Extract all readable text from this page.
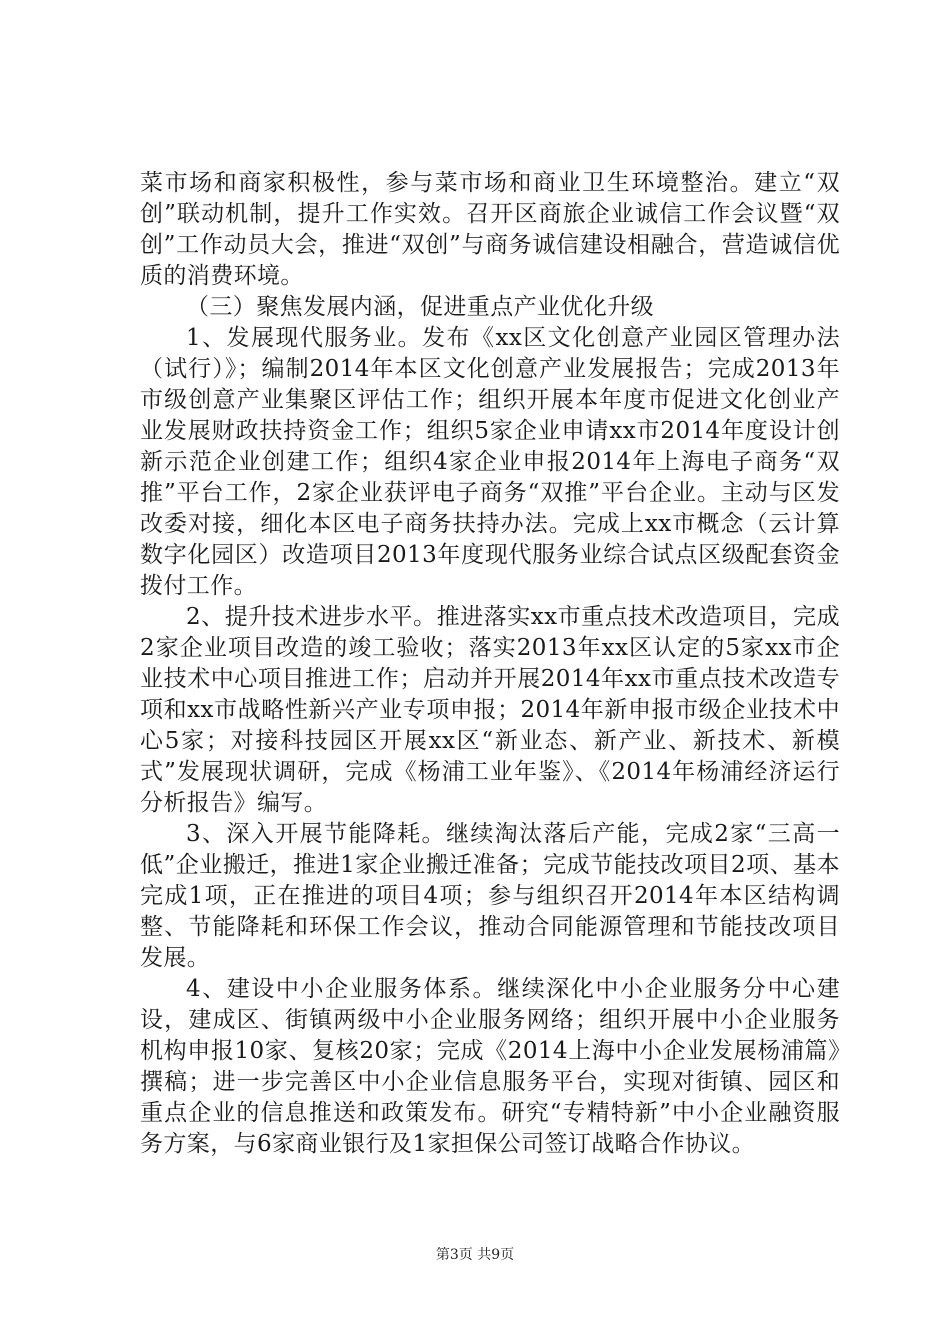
菜市场和商家积极性，参与菜市场和商业卫生环境整治。建立“双创”联动机制，提升工作实效。召开区商旅企业诚信工作会议暨“双创”工作动员大会，推进“双创”与商务诚信建设相融合，营造诚信优质的消费环境。

（三）聚焦发展内涵，促进重点产业优化升级

1、发展现代服务业。发布《xx区文化创意产业园区管理办法（试行）》；编制2014年本区文化创意产业发展报告；完成2013年市级创意产业集聚区评估工作；组织开展本年度市促进文化创业产业发展财政扶持资金工作；组织5家企业申请xx市2014年度设计创新示范企业创建工作；组织4家企业申报2014年上海电子商务“双推”平台工作，2家企业获评电子商务“双推”平台企业。主动与区发改委对接，细化本区电子商务扶持办法。完成上xx市概念（云计算数字化园区）改造项目2013年度现代服务业综合试点区级配套资金拨付工作。

2、提升技术进步水平。推进落实xx市重点技术改造项目，完成2家企业项目改造的竣工验收；落实2013年xx区认定的5家xx市企业技术中心项目推进工作；启动并开展2014年xx市重点技术改造专项和xx市战略性新兴产业专项申报；2014年新申报市级企业技术中心5家；对接科技园区开展xx区“新业态、新产业、新技术、新模式”发展现状调研，完成《杨浦工业年鉴》、《2014年杨浦经济运行分析报告》编写。

3、深入开展节能降耗。继续淘汰落后产能，完成2家“三高一低”企业搬迁，推进1家企业搬迁准备；完成节能技改项目2项、基本完成1项，正在推进的项目4项；参与组织召开2014年本区结构调整、节能降耗和环保工作会议，推动合同能源管理和节能技改项目发展。

4、建设中小企业服务体系。继续深化中小企业服务分中心建设，建成区、街镇两级中小企业服务网络；组织开展中小企业服务机构申报10家、复核20家；完成《2014上海中小企业发展杨浦篇》撰稿；进一步完善区中小企业信息服务平台，实现对街镇、园区和重点企业的信息推送和政策发布。研究“专精特新”中小企业融资服务方案，与6家商业银行及1家担保公司签订战略合作协议。

第3页 共9页
